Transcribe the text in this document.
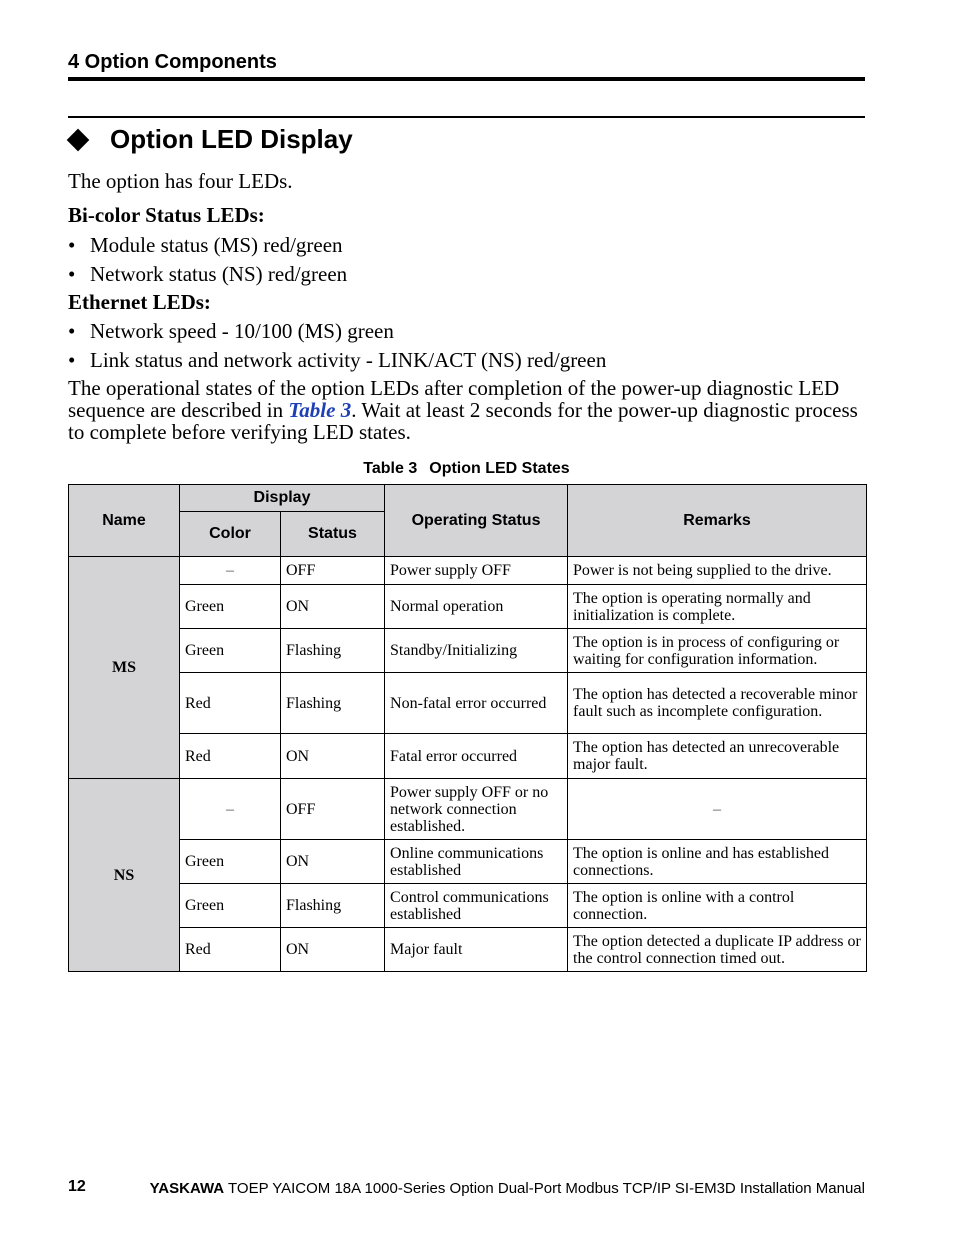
4 Option Components
Option LED Display
The option has four LEDs.
Bi-color Status LEDs:
• Module status (MS) red/green
• Network status (NS) red/green
Ethernet LEDs:
• Network speed - 10/100 (MS) green
• Link status and network activity - LINK/ACT (NS) red/green
The operational states of the option LEDs after completion of the power-up diagnostic LED sequence are described in Table 3. Wait at least 2 seconds for the power-up diagnostic process to complete before verifying LED states.
Table 3 Option LED States
Name	Display		Operating Status	Remarks
	Color	Status		
MS	–	OFF	Power supply OFF	Power is not being supplied to the drive.
	Green	ON	Normal operation	The option is operating normally and initialization is complete.
	Green	Flashing	Standby/Initializing	The option is in process of configuring or waiting for configuration information.
	Red	Flashing	Non-fatal error occurred	The option has detected a recoverable minor fault such as incomplete configuration.
	Red	ON	Fatal error occurred	The option has detected an unrecoverable major fault.
NS	–	OFF	Power supply OFF or no network connection established.	–
	Green	ON	Online communications established	The option is online and has established connections.
	Green	Flashing	Control communications established	The option is online with a control connection.
	Red	ON	Major fault	The option detected a duplicate IP address or the control connection timed out.
12	YASKAWA TOEP YAICOM 18A 1000-Series Option Dual-Port Modbus TCP/IP SI-EM3D Installation Manual
